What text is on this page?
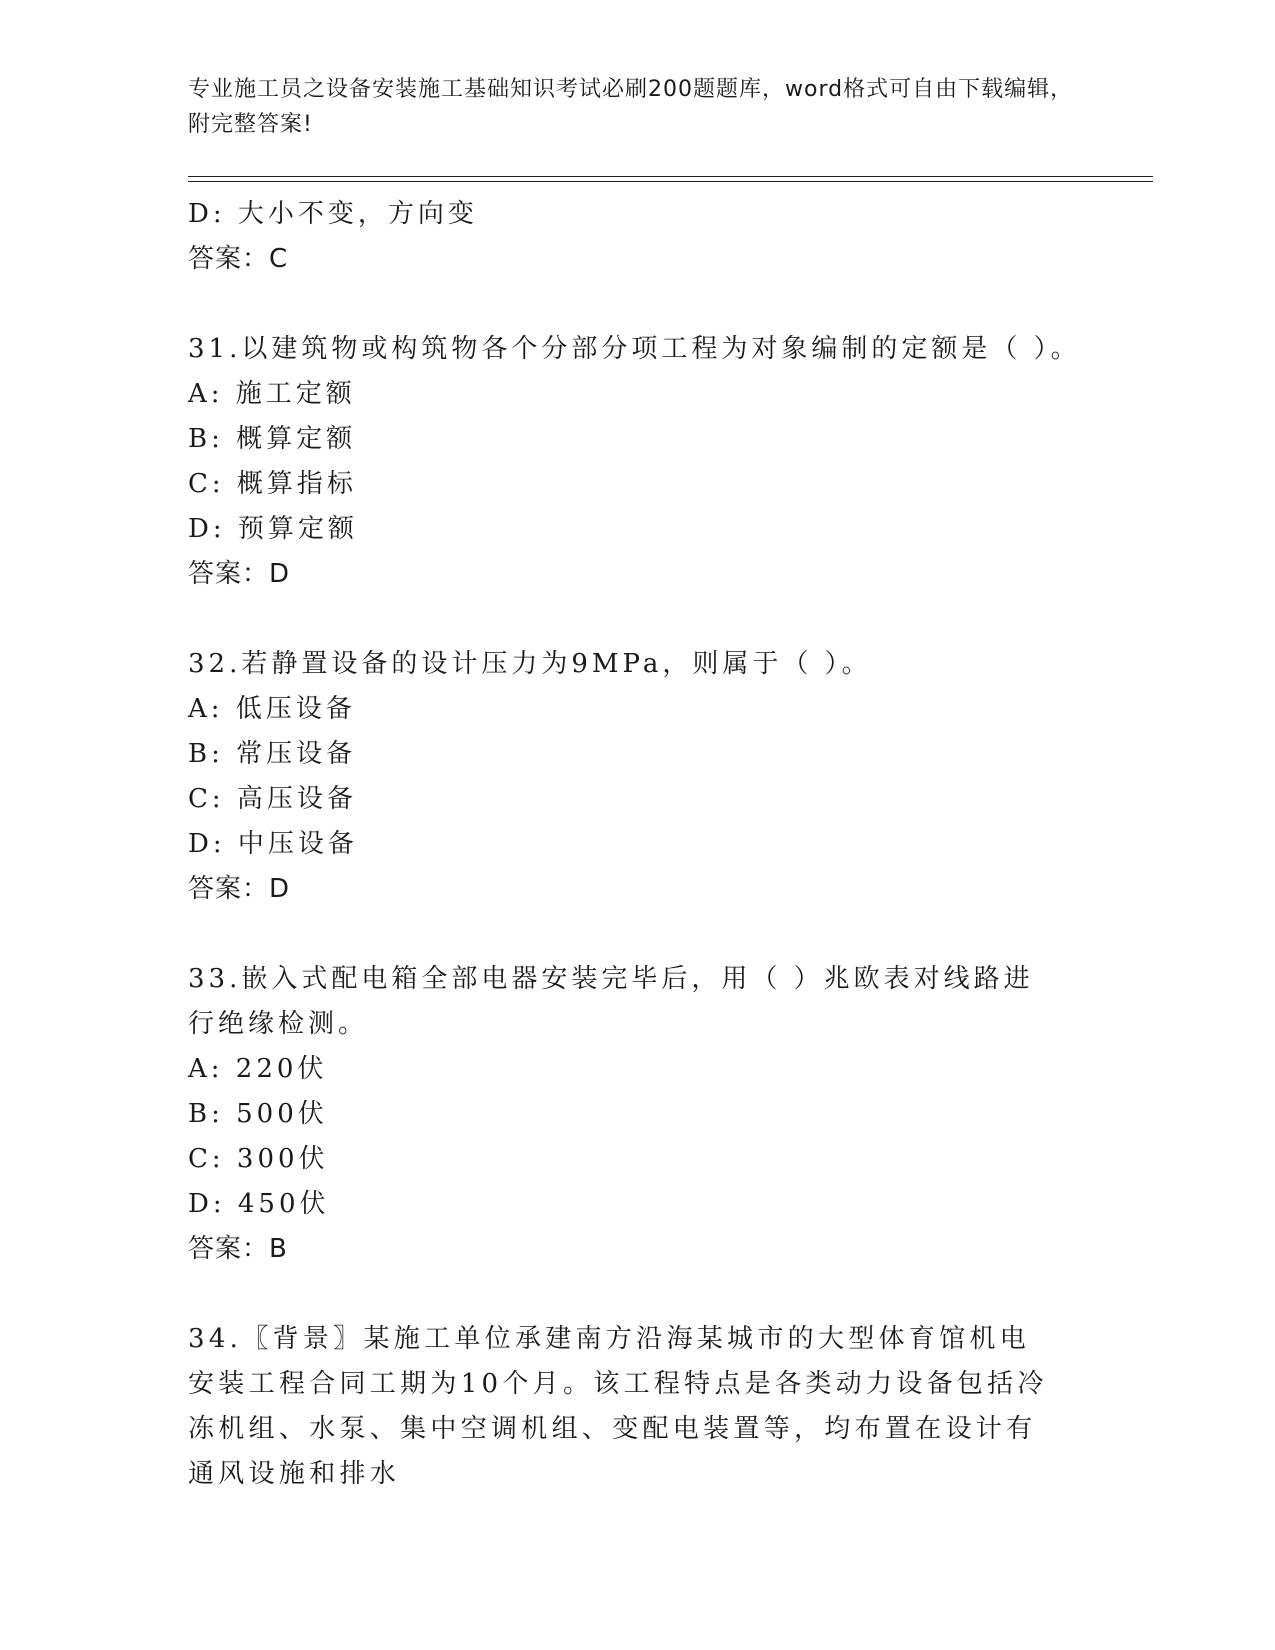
专业施工员之设备安装施工基础知识考试必刷200题题库，word格式可自由下载编辑，附完整答案!
D: 大小不变，方向变
答案：C
31.以建筑物或构筑物各个分部分项工程为对象编制的定额是（ ）。
A: 施工定额
B: 概算定额
C: 概算指标
D: 预算定额
答案：D
32.若静置设备的设计压力为9MPa，则属于（ ）。
A: 低压设备
B: 常压设备
C: 高压设备
D: 中压设备
答案：D
33.嵌入式配电箱全部电器安装完毕后，用（ ）兆欧表对线路进行绝缘检测。
A: 220伏
B: 500伏
C: 300伏
D: 450伏
答案：B
34.〖背景〗某施工单位承建南方沿海某城市的大型体育馆机电安装工程合同工期为10个月。该工程特点是各类动力设备包括冷冻机组、水泵、集中空调机组、变配电装置等，均布置在设计有通风设施和排水
